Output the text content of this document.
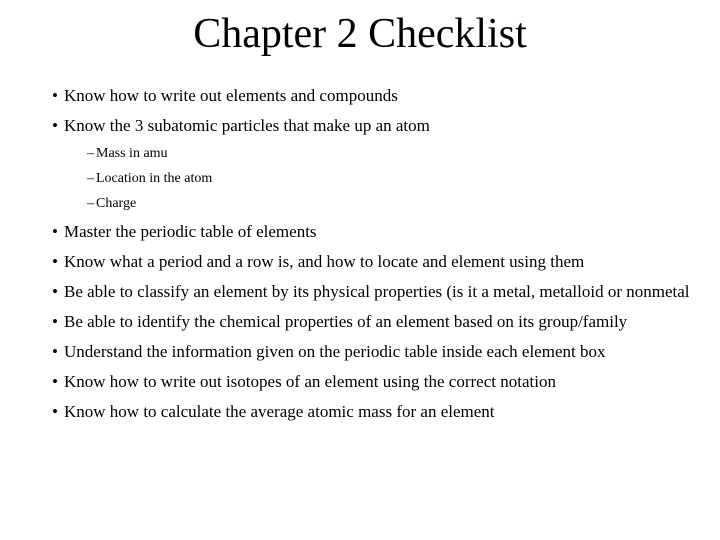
Chapter 2 Checklist
• Know how to write out elements and compounds
• Know the 3 subatomic particles that make up an atom
– Mass in amu
– Location in the atom
– Charge
• Master the periodic table of elements
• Know what a period and a row is, and how to locate and element using them
• Be able to classify an element by its physical properties (is it a metal, metalloid or nonmetal
• Be able to identify the chemical properties of an element based on its group/family
• Understand the information given on the periodic table inside each element box
• Know how to write out isotopes of an element using the correct notation
• Know how to calculate the average atomic mass for an element
